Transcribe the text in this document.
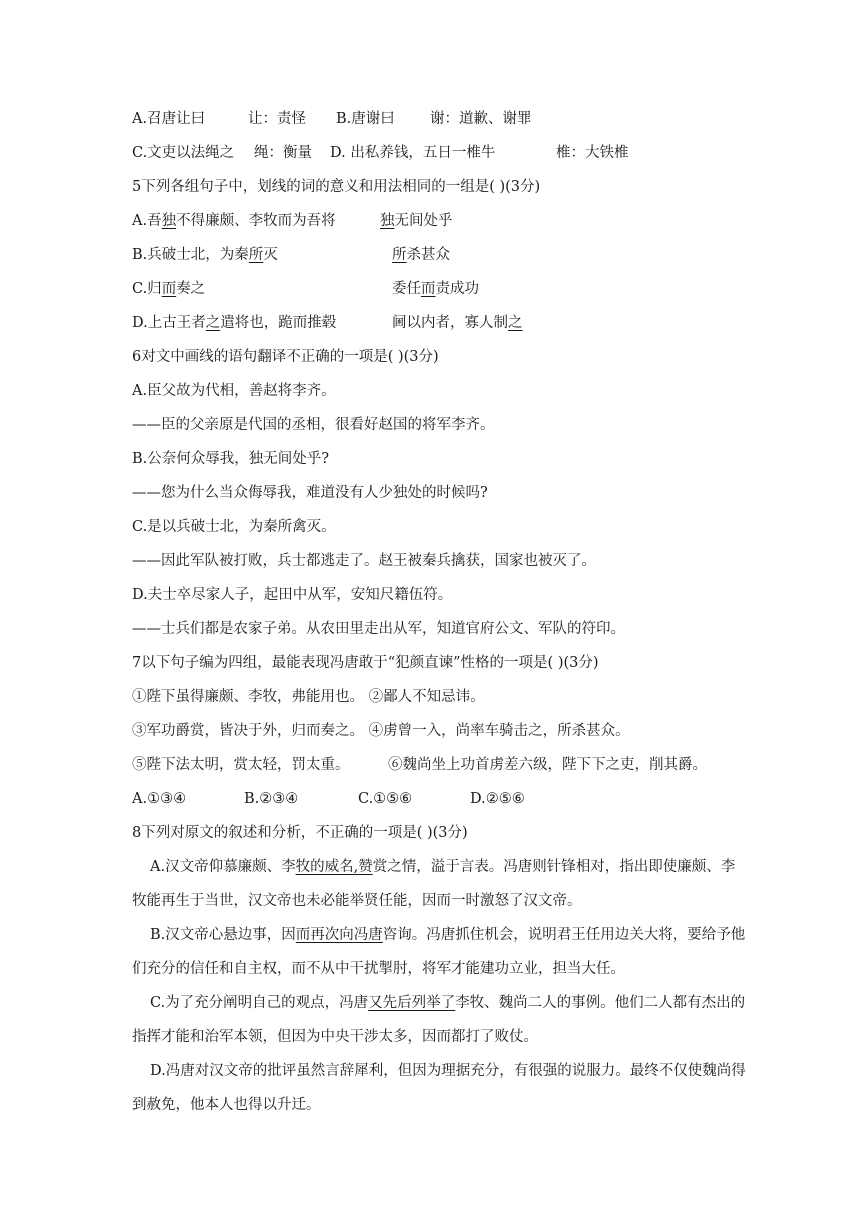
A.召唐让曰	让：责怪 B.唐谢曰 谢：道歉、谢罪
C.文吏以法绳之 绳：衡量 D. 出私养钱，五日一椎牛	椎：大铁椎
5下列各组句子中，划线的词的意义和用法相同的一组是( )(3分)
A.吾独不得廉颇、李牧而为吾将	独无间处乎
B.兵破士北，为秦所灭	所杀甚众
C.归而奏之	委任而责成功
D.上古王者之遣将也，跪而推毂	阃以内者，寡人制之
6对文中画线的语句翻译不正确的一项是( )(3分)
A.臣父故为代相，善赵将李齐。
——臣的父亲原是代国的丞相，很看好赵国的将军李齐。
B.公奈何众辱我，独无间处乎?
——您为什么当众侮辱我，难道没有人少独处的时候吗?
C.是以兵破士北，为秦所禽灭。
——因此军队被打败，兵士都逃走了。赵王被秦兵擒获，国家也被灭了。
D.夫士卒尽家人子，起田中从军，安知尺籍伍符。
——士兵们都是农家子弟。从农田里走出从军，知道官府公文、军队的符印。
7以下句子编为四组，最能表现冯唐敢于“犯颜直谏”性格的一项是( )(3分)
①陛下虽得廉颇、李牧，弗能用也。 ②鄙人不知忌讳。
③军功爵赏，皆决于外，归而奏之。 ④虏曾一入，尚率车骑击之，所杀甚众。
⑤陛下法太明，赏太轻，罚太重。	⑥魏尚坐上功首虏差六级，陛下下之吏，削其爵。
A.①③④	B.②③④	C.①⑤⑥	D.②⑤⑥
8下列对原文的叙述和分析，不正确的一项是( )(3分)
A.汉文帝仰慕廉颇、李牧的威名,赞赏之情，溢于言表。冯唐则针锋相对，指出即使廉颇、李
牧能再生于当世，汉文帝也未必能举贤任能，因而一时激怒了汉文帝。
B.汉文帝心悬边事，因而再次向冯唐咨询。冯唐抓住机会，说明君王任用边关大将，要给予他
们充分的信任和自主权，而不从中干扰掣肘，将军才能建功立业，担当大任。
C.为了充分阐明自己的观点，冯唐又先后列举了李牧、魏尚二人的事例。他们二人都有杰出的
指挥才能和治军本领，但因为中央干涉太多，因而都打了败仗。
D.冯唐对汉文帝的批评虽然言辞犀利，但因为理据充分，有很强的说服力。最终不仅使魏尚得
到赦免，他本人也得以升迁。
